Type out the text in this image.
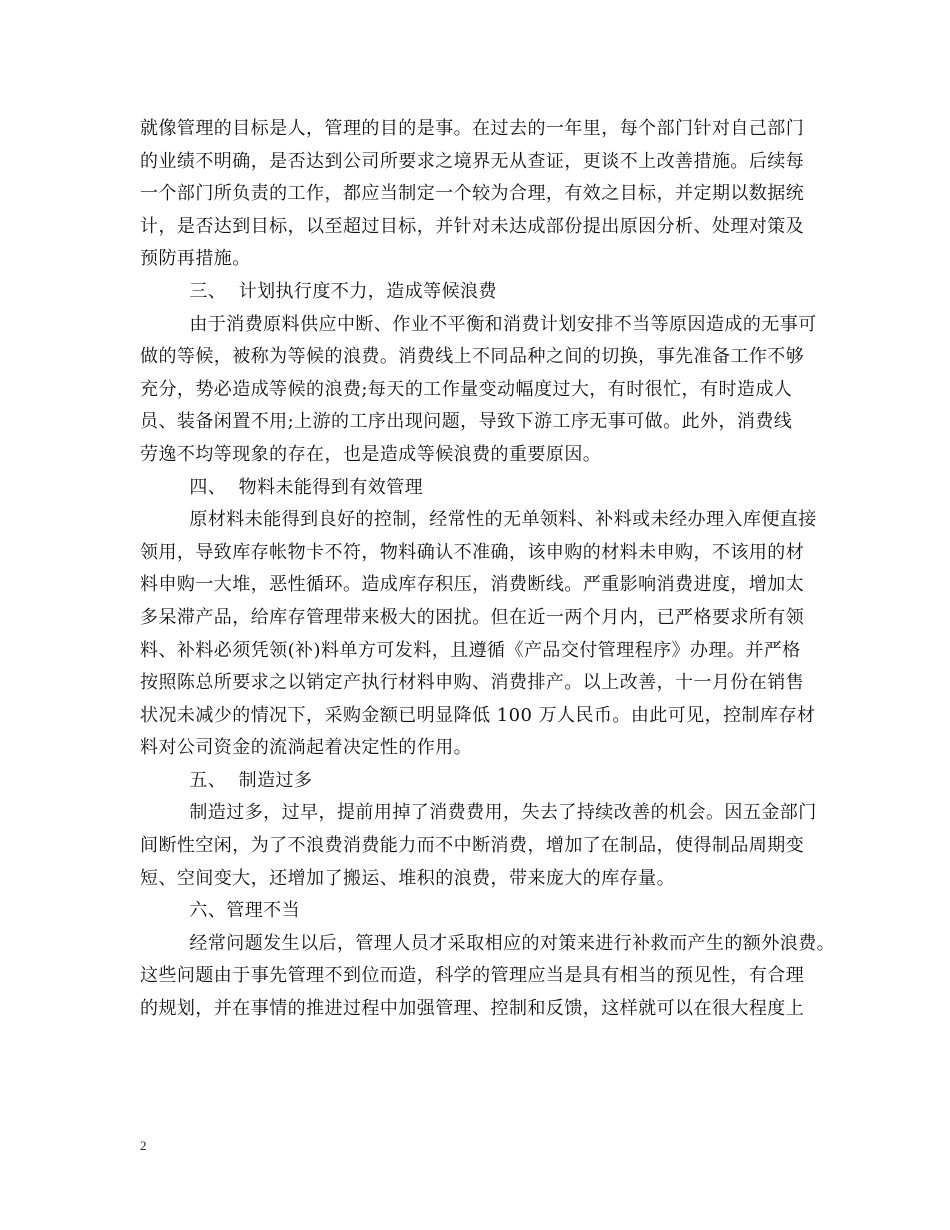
就像管理的目标是人，管理的目的是事。在过去的一年里，每个部门针对自己部门
的业绩不明确，是否达到公司所要求之境界无从查证，更谈不上改善措施。后续每
一个部门所负责的工作，都应当制定一个较为合理，有效之目标，并定期以数据统
计，是否达到目标，以至超过目标，并针对未达成部份提出原因分析、处理对策及
预防再措施。
三、  计划执行度不力，造成等候浪费
由于消费原料供应中断、作业不平衡和消费计划安排不当等原因造成的无事可
做的等候，被称为等候的浪费。消费线上不同品种之间的切换，事先准备工作不够
充分，势必造成等候的浪费;每天的工作量变动幅度过大，有时很忙，有时造成人
员、装备闲置不用;上游的工序出现问题，导致下游工序无事可做。此外，消费线
劳逸不均等现象的存在，也是造成等候浪费的重要原因。
四、  物料未能得到有效管理
原材料未能得到良好的控制，经常性的无单领料、补料或未经办理入库便直接
领用，导致库存帐物卡不符，物料确认不准确，该申购的材料未申购，不该用的材
料申购一大堆，恶性循环。造成库存积压，消费断线。严重影响消费进度，增加太
多呆滞产品，给库存管理带来极大的困扰。但在近一两个月内，已严格要求所有领
料、补料必须凭领(补)料单方可发料，且遵循《产品交付管理程序》办理。并严格
按照陈总所要求之以销定产执行材料申购、消费排产。以上改善，十一月份在销售
状况未减少的情况下，采购金额已明显降低 100 万人民币。由此可见，控制库存材
料对公司资金的流淌起着决定性的作用。
五、  制造过多
制造过多，过早，提前用掉了消费费用，失去了持续改善的机会。因五金部门
间断性空闲，为了不浪费消费能力而不中断消费，增加了在制品，使得制品周期变
短、空间变大，还增加了搬运、堆积的浪费，带来庞大的库存量。
六、管理不当
经常问题发生以后，管理人员才采取相应的对策来进行补救而产生的额外浪费。
这些问题由于事先管理不到位而造，科学的管理应当是具有相当的预见性，有合理
的规划，并在事情的推进过程中加强管理、控制和反馈，这样就可以在很大程度上
2
